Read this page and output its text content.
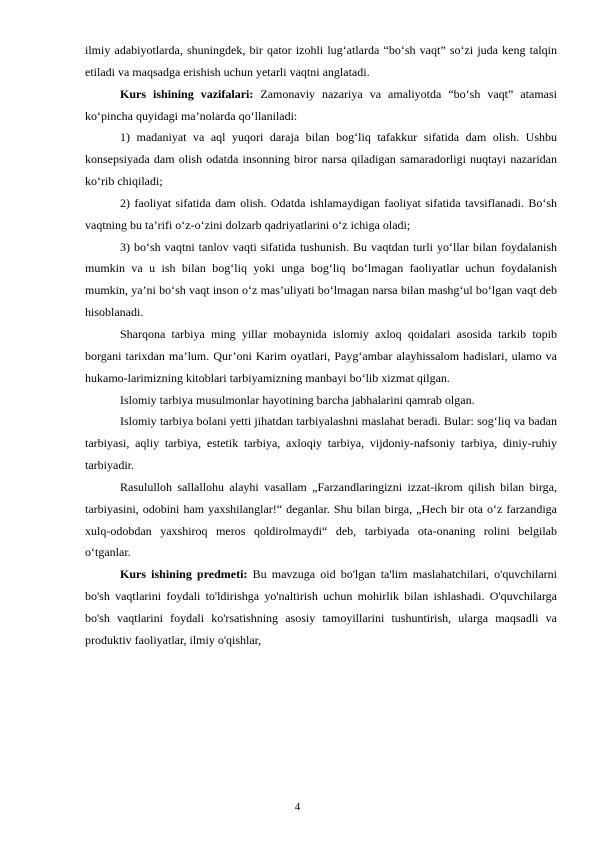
ilmiy adabiyotlarda, shuningdek, bir qator izohli lug‘atlarda “bo‘sh vaqt” so‘zi juda keng talqin etiladi va maqsadga erishish uchun yetarli vaqtni anglatadi.

Kurs ishining vazifalari: Zamonaviy nazariya va amaliyotda “bo‘sh vaqt” atamasi ko‘pincha quyidagi ma’nolarda qo‘llaniladi:

1) madaniyat va aql yuqori daraja bilan bog‘liq tafakkur sifatida dam olish. Ushbu konsepsiyada dam olish odatda insonning biror narsa qiladigan samaradorligi nuqtayi nazaridan ko‘rib chiqiladi;

2) faoliyat sifatida dam olish. Odatda ishlamaydigan faoliyat sifatida tavsiflanadi. Bo‘sh vaqtning bu ta’rifi o‘z-o‘zini dolzarb qadriyatlarini o‘z ichiga oladi;

3) bo‘sh vaqtni tanlov vaqti sifatida tushunish. Bu vaqtdan turli yo‘llar bilan foydalanish mumkin va u ish bilan bog‘liq yoki unga bog‘liq bo‘lmagan faoliyatlar uchun foydalanish mumkin, ya’ni bo‘sh vaqt inson o‘z mas’uliyati bo‘lmagan narsa bilan mashg‘ul bo‘lgan vaqt deb hisoblanadi.

Sharqona tarbiya ming yillar mobaynida islomiy axloq qoidalari asosida tarkib topib borgani tarixdan ma’lum. Qur’oni Karim oyatlari, Payg‘ambar alayhissalom hadislari, ulamo va hukamo-larimizning kitoblari tarbiyamizning manbayi bo‘lib xizmat qilgan.

Islomiy tarbiya musulmonlar hayotining barcha jabhalarini qamrab olgan.

Islomiy tarbiya bolani yetti jihatdan tarbiyalashni maslahat beradi. Bular: sog‘liq va badan tarbiyasi, aqliy tarbiya, estetik tarbiya, axloqiy tarbiya, vijdoniy-nafsoniy tarbiya, diniy-ruhiy tarbiyadir.

Rasululloh sallallohu alayhi vasallam „Farzandlaringizni izzat-ikrom qilish bilan birga, tarbiyasini, odobini ham yaxshilanglar!“ deganlar. Shu bilan birga, „Hech bir ota o‘z farzandiga xulq-odobdan yaxshiroq meros qoldirolmaydi“ deb, tarbiyada ota-onaning rolini belgilab o‘tganlar.

Kurs ishining predmeti: Bu mavzuga oid bo'lgan ta'lim maslahatchilari, o'quvchilarni bo'sh vaqtlarini foydali to'ldirishga yo'naltirish uchun mohirlik bilan ishlashadi. O'quvchilarga bo'sh vaqtlarini foydali ko'rsatishning asosiy tamoyillarini tushuntirish, ularga maqsadli va produktiv faoliyatlar, ilmiy o'qishlar,

4
